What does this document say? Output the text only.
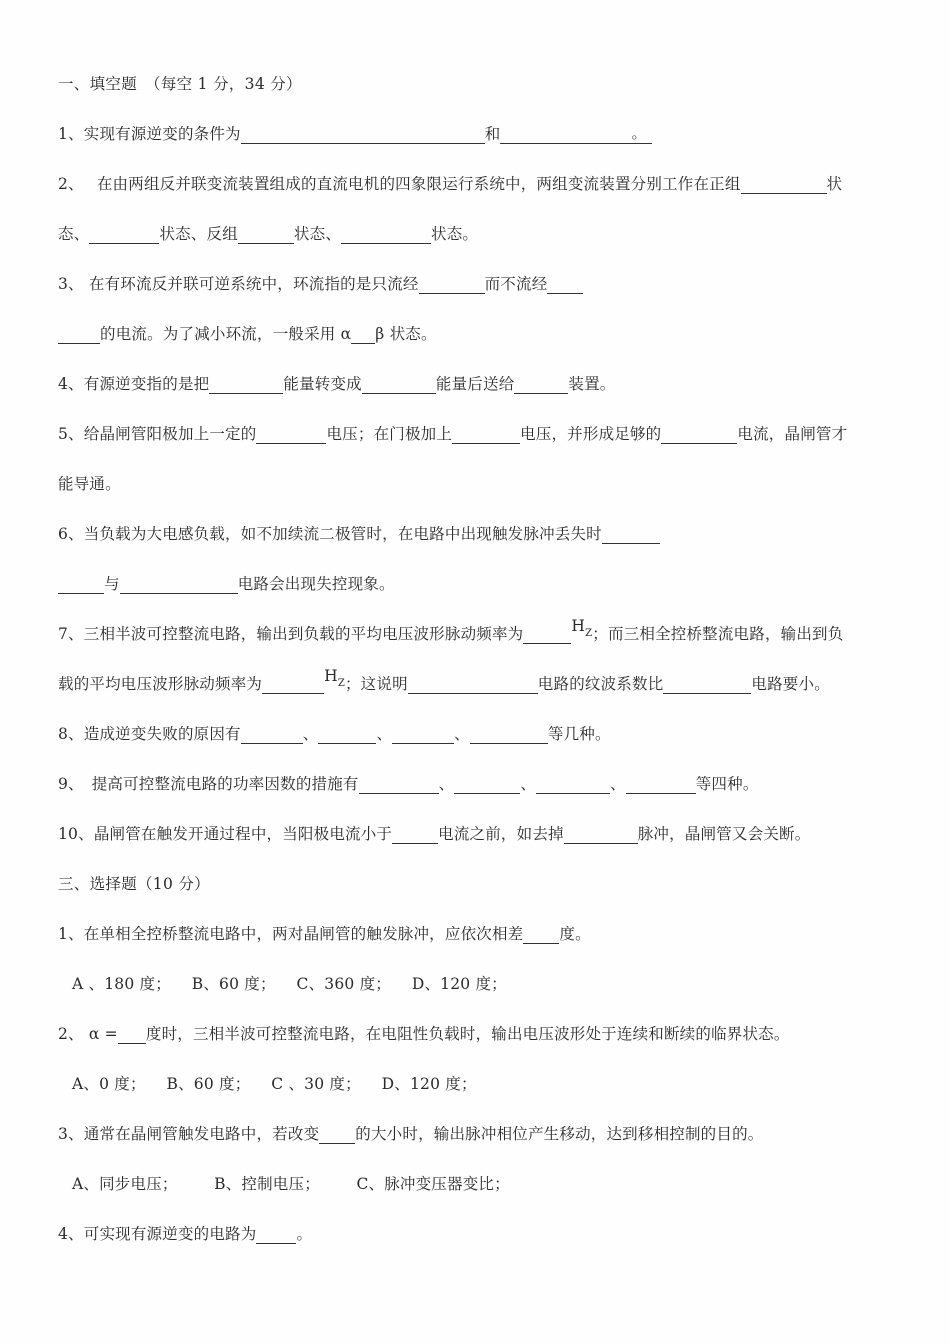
一、填空题　（每空 1 分，34 分）
1、实现有源逆变的条件为	和	。
2、　 在由两组反并联变流装置组成的直流电机的四象限运行系统中，两组变流装置分别工作在正组	状
态、	状态、反组	状态、	状态。
3、 在有环流反并联可逆系统中，环流指的是只流经	而不流经
的电流。为了减小环流，一般采用 α β 状态。
4、有源逆变指的是把	能量转变成	能量后送给	装置。
5、给晶闸管阳极加上一定的	电压；在门极加上	电压，并形成足够的	电流，晶闸管才
能导通。
6、当负载为大电感负载，如不加续流二极管时，在电路中出现触发脉冲丢失时
与	电路会出现失控现象。
7、三相半波可控整流电路，输出到负载的平均电压波形脉动频率为	$H_Z$ ；而三相全控桥整流电路，输出到负
载的平均电压波形脉动频率为	$H_Z$ ；这说明	电路的纹波系数比	电路要小。
8、造成逆变失败的原因有	、	、	、	等几种。
9、　提高可控整流电路的功率因数的措施有	、	、	、	等四种。
10、晶闸管在触发开通过程中，当阳极电流小于	电流之前，如去掉	脉冲，晶闸管又会关断。
三、选择题（10 分）
1、在单相全控桥整流电路中，两对晶闸管的触发脉冲，应依次相差 度。
A 、180 度；  B、60 度；  C、360 度；  D、120 度；
2、 α = 度时，三相半波可控整流电路，在电阻性负载时，输出电压波形处于连续和断续的临界状态。
A、0 度；  B、60 度；  C 、30 度；  D、120 度；
3、通常在晶闸管触发电路中，若改变 的大小时，输出脉冲相位产生移动，达到移相控制的目的。
A、同步电压；   B、控制电压；   C、脉冲变压器变比；
4、可实现有源逆变的电路为	。
